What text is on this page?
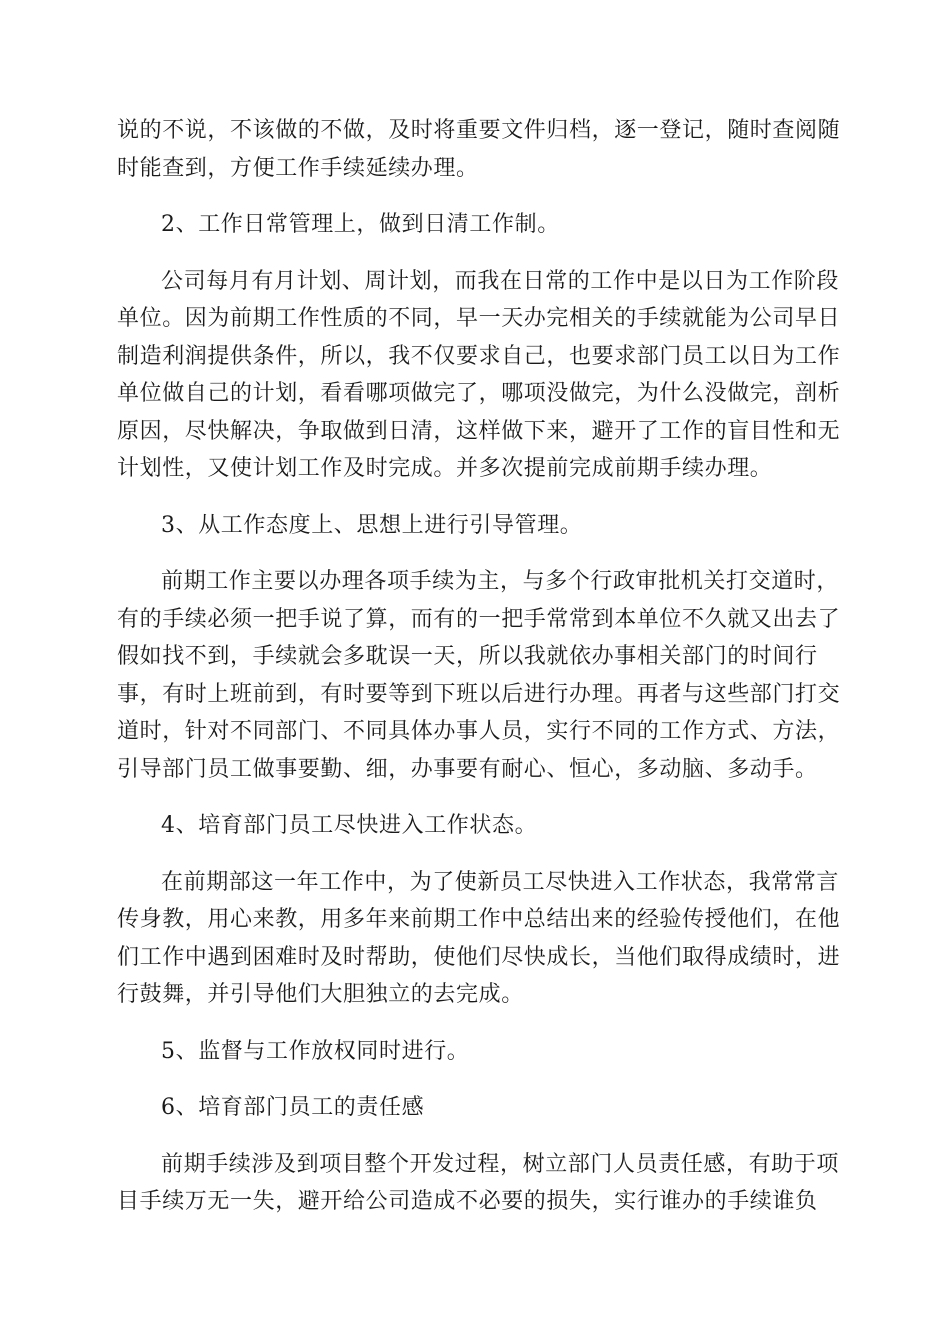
说的不说，不该做的不做，及时将重要文件归档，逐一登记，随时查阅随
时能查到，方便工作手续延续办理。
2、工作日常管理上，做到日清工作制。
公司每月有月计划、周计划，而我在日常的工作中是以日为工作阶段
单位。因为前期工作性质的不同，早一天办完相关的手续就能为公司早日
制造利润提供条件，所以，我不仅要求自己，也要求部门员工以日为工作
单位做自己的计划，看看哪项做完了，哪项没做完，为什么没做完，剖析
原因，尽快解决，争取做到日清，这样做下来，避开了工作的盲目性和无
计划性，又使计划工作及时完成。并多次提前完成前期手续办理。
3、从工作态度上、思想上进行引导管理。
前期工作主要以办理各项手续为主，与多个行政审批机关打交道时，
有的手续必须一把手说了算，而有的一把手常常到本单位不久就又出去了
假如找不到，手续就会多耽误一天，所以我就依办事相关部门的时间行
事，有时上班前到，有时要等到下班以后进行办理。再者与这些部门打交
道时，针对不同部门、不同具体办事人员，实行不同的工作方式、方法，
引导部门员工做事要勤、细，办事要有耐心、恒心，多动脑、多动手。
4、培育部门员工尽快进入工作状态。
在前期部这一年工作中，为了使新员工尽快进入工作状态，我常常言
传身教，用心来教，用多年来前期工作中总结出来的经验传授他们，在他
们工作中遇到困难时及时帮助，使他们尽快成长，当他们取得成绩时，进
行鼓舞，并引导他们大胆独立的去完成。
5、监督与工作放权同时进行。
6、培育部门员工的责任感
前期手续涉及到项目整个开发过程，树立部门人员责任感，有助于项
目手续万无一失，避开给公司造成不必要的损失，实行谁办的手续谁负
